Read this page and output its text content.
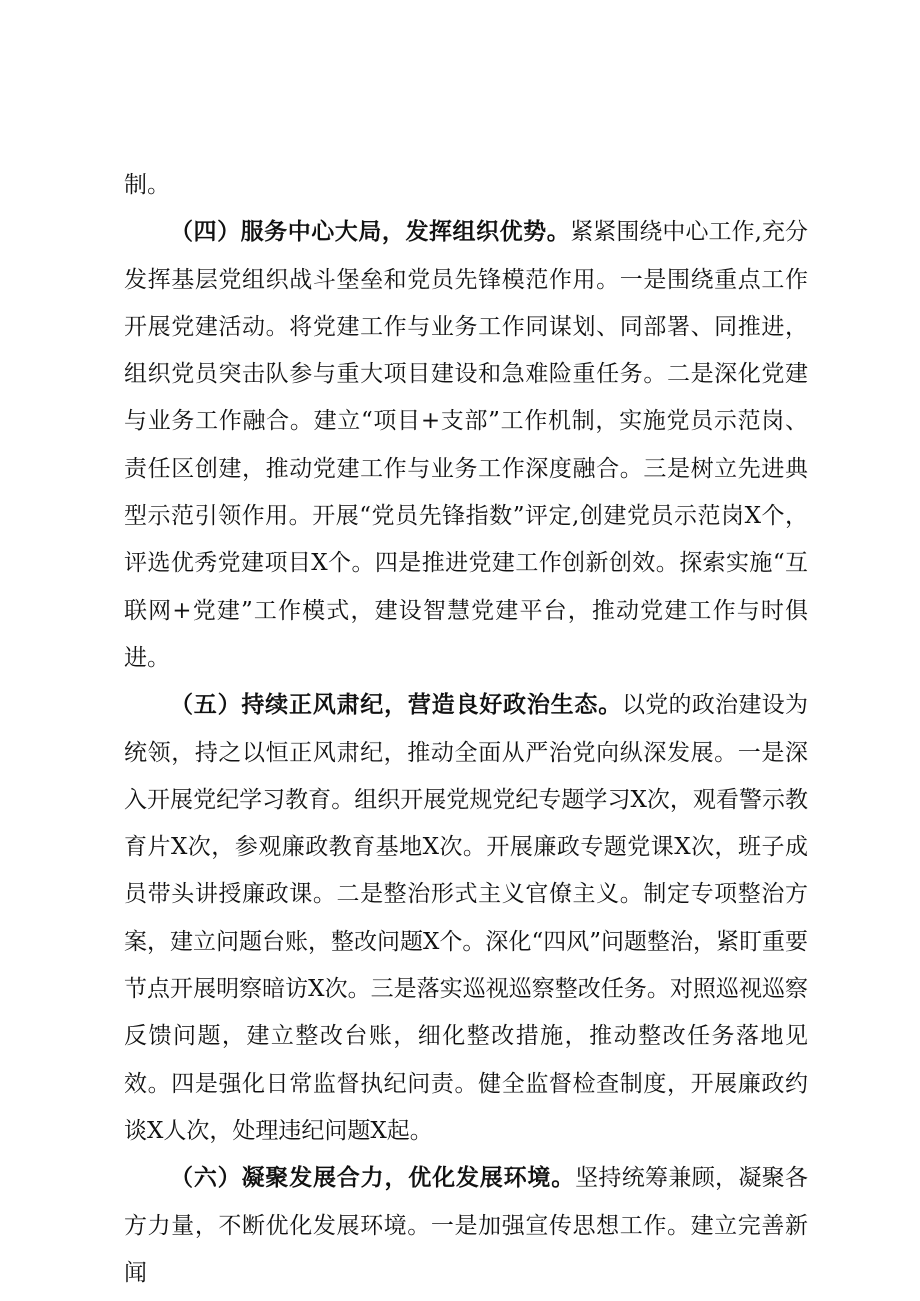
制。

（四）服务中心大局，发挥组织优势。紧紧围绕中心工作,充分发挥基层党组织战斗堡垒和党员先锋模范作用。一是围绕重点工作开展党建活动。将党建工作与业务工作同谋划、同部署、同推进，组织党员突击队参与重大项目建设和急难险重任务。二是深化党建与业务工作融合。建立“项目+支部”工作机制，实施党员示范岗、责任区创建，推动党建工作与业务工作深度融合。三是树立先进典型示范引领作用。开展“党员先锋指数”评定,创建党员示范岗X个，评选优秀党建项目X个。四是推进党建工作创新创效。探索实施“互联网+党建”工作模式，建设智慧党建平台，推动党建工作与时俱进。

（五）持续正风肃纪，营造良好政治生态。以党的政治建设为统领，持之以恒正风肃纪，推动全面从严治党向纵深发展。一是深入开展党纪学习教育。组织开展党规党纪专题学习X次，观看警示教育片X次，参观廉政教育基地X次。开展廉政专题党课X次，班子成员带头讲授廉政课。二是整治形式主义官僚主义。制定专项整治方案，建立问题台账，整改问题X个。深化“四风”问题整治，紧盯重要节点开展明察暗访X次。三是落实巡视巡察整改任务。对照巡视巡察反馈问题，建立整改台账，细化整改措施，推动整改任务落地见效。四是强化日常监督执纪问责。健全监督检查制度，开展廉政约谈X人次，处理违纪问题X起。

（六）凝聚发展合力，优化发展环境。坚持统筹兼顾，凝聚各方力量，不断优化发展环境。一是加强宣传思想工作。建立完善新闻
